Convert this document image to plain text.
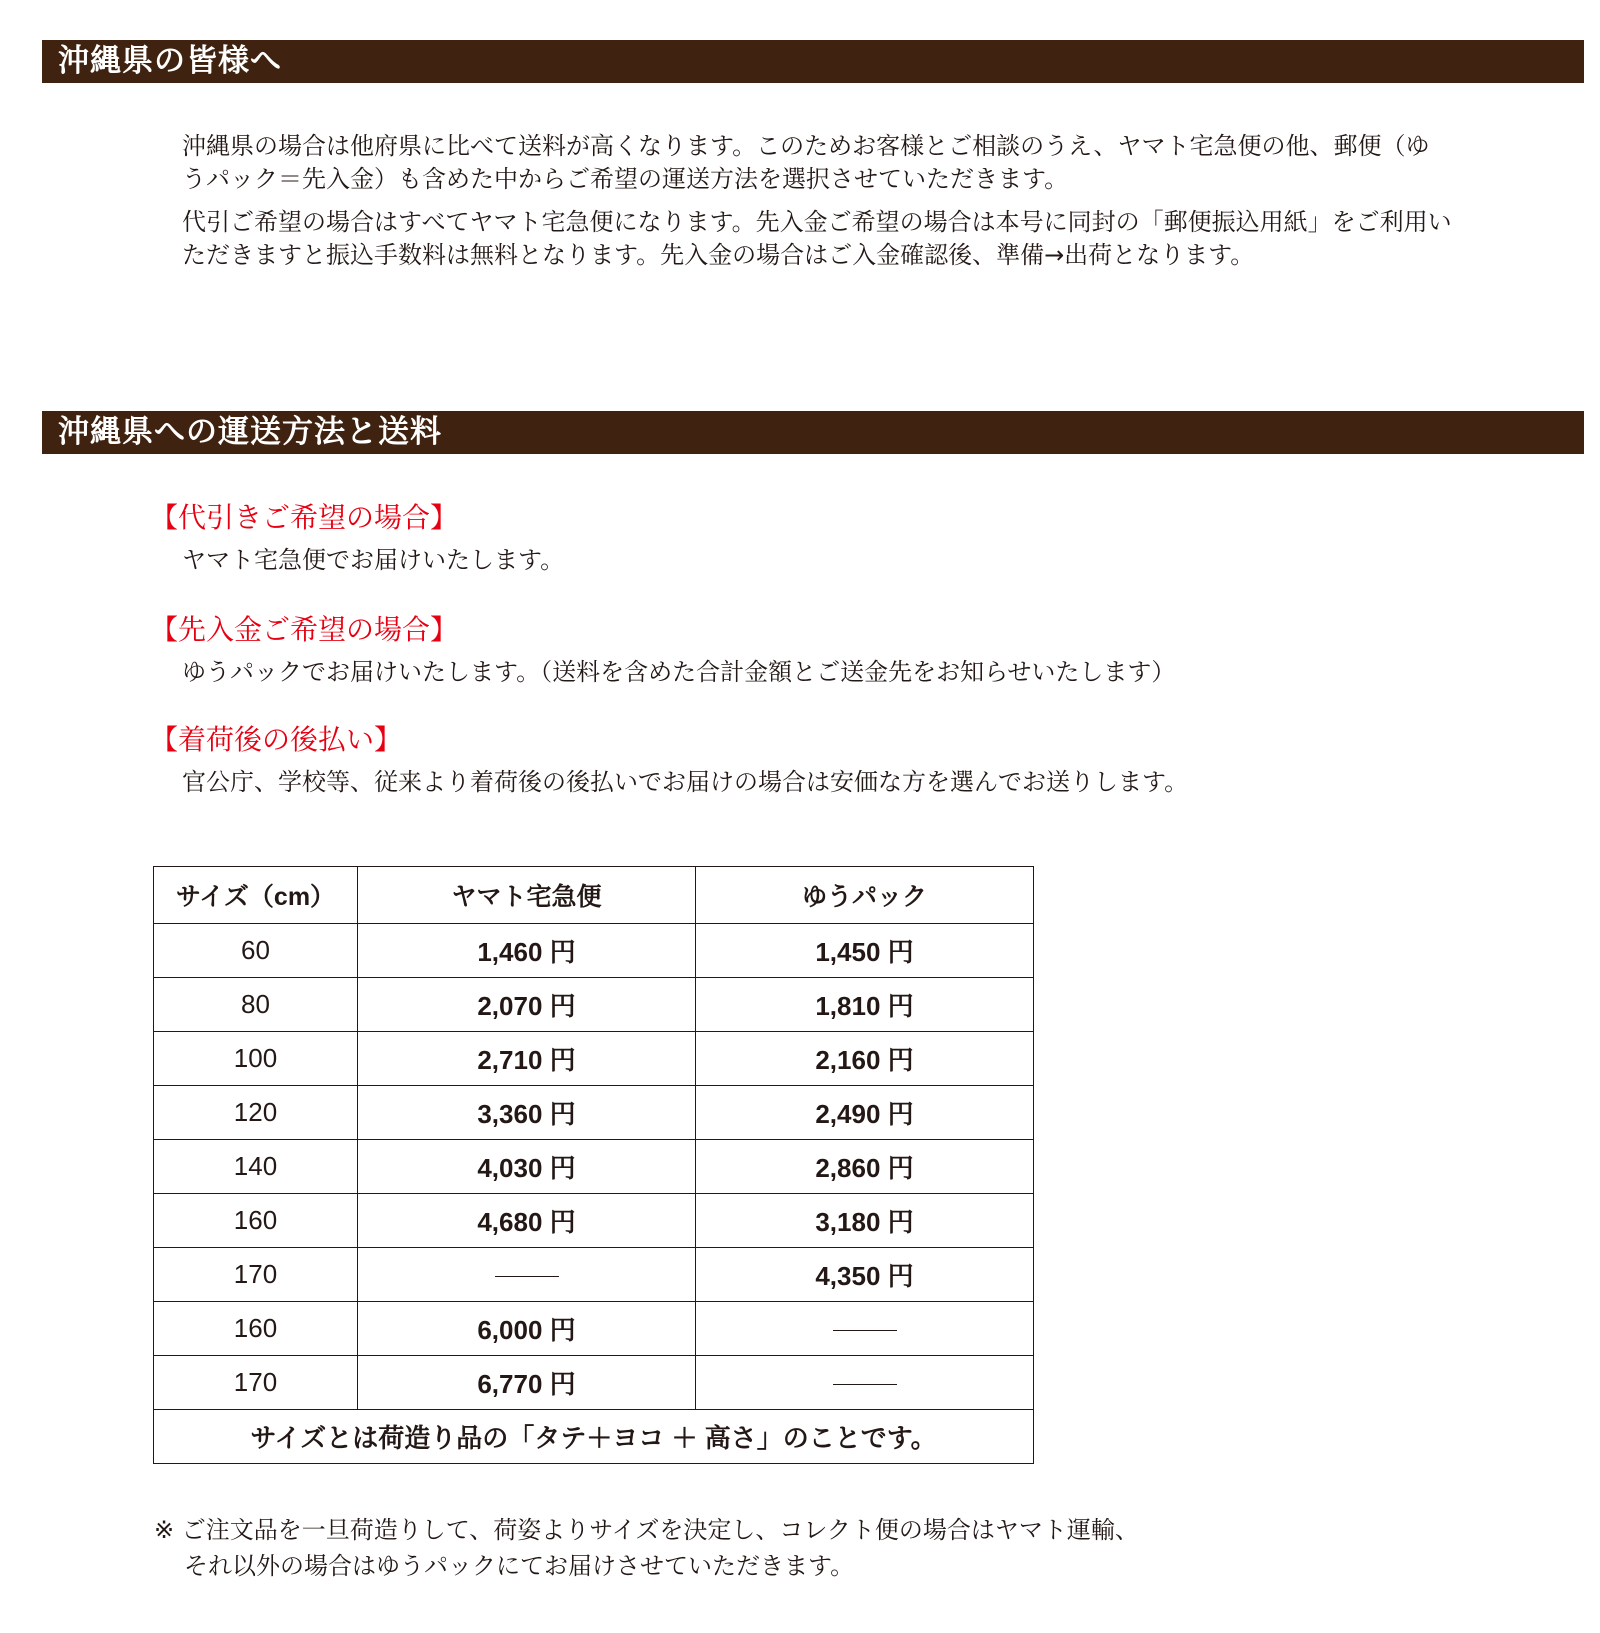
沖縄県の皆様へ

沖縄県の場合は他府県に比べて送料が高くなります。このためお客様とご相談のうえ、ヤマト宅急便の他、郵便（ゆうパック＝先入金）も含めた中からご希望の運送方法を選択させていただきます。

代引ご希望の場合はすべてヤマト宅急便になります。先入金ご希望の場合は本号に同封の「郵便振込用紙」をご利用いただきますと振込手数料は無料となります。先入金の場合はご入金確認後、準備→出荷となります。

沖縄県への運送方法と送料
【代引きご希望の場合】
ヤマト宅急便でお届けいたします。
【先入金ご希望の場合】
ゆうパックでお届けいたします。（送料を含めた合計金額とご送金先をお知らせいたします）
【着荷後の後払い】
官公庁、学校等、従来より着荷後の後払いでお届けの場合は安価な方を選んでお送りします。
サイズ（cm）	ヤマト宅急便	ゆうパック
60	1,460 円	1,450 円
80	2,070 円	1,810 円
100	2,710 円	2,160 円
120	3,360 円	2,490 円
140	4,030 円	2,860 円
160	4,680 円	3,180 円
170		4,350 円
160	6,000 円	
170	6,770 円	
サイズとは荷造り品の「タテ＋ヨコ ＋ 高さ」のことです。		
※ ご注文品を一旦荷造りして、荷姿よりサイズを決定し、コレクト便の場合はヤマト運輸、
それ以外の場合はゆうパックにてお届けさせていただきます。
